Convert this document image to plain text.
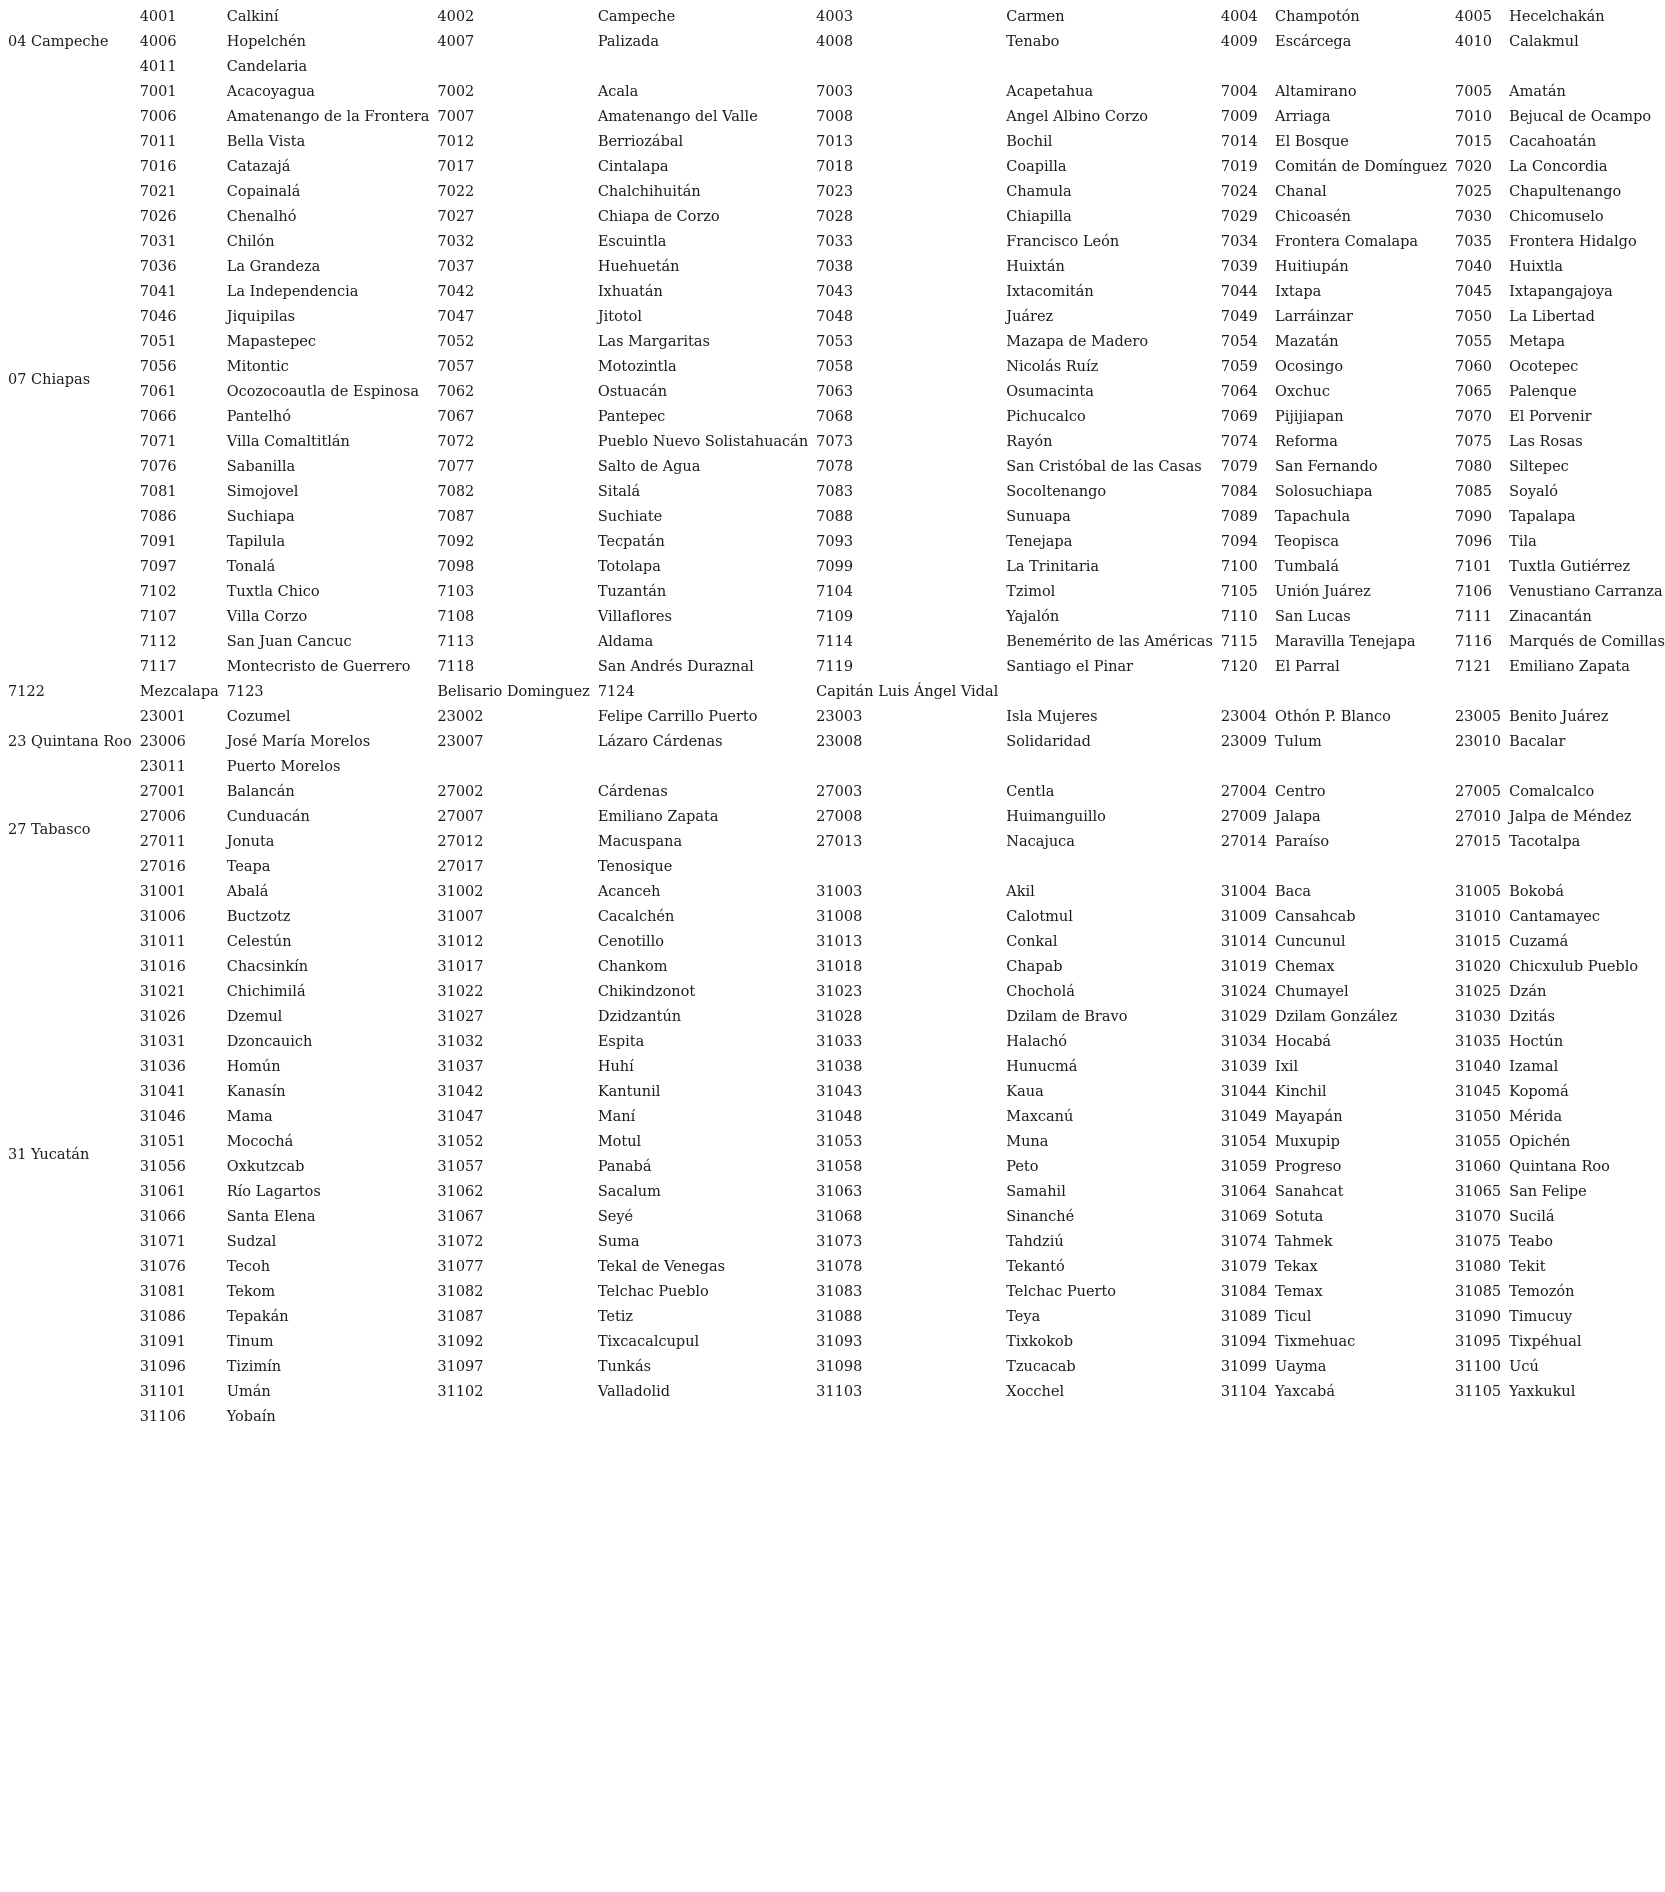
04 Campeche	4001	Calkiní	4002	Campeche	4003	Carmen	4004	Champotón	4005	Hecelchakán
	4006	Hopelchén	4007	Palizada	4008	Tenabo	4009	Escárcega	4010	Calakmul
	4011	Candelaria								
07 Chiapas	7001	Acacoyagua	7002	Acala	7003	Acapetahua	7004	Altamirano	7005	Amatán
	7006	Amatenango de la Frontera	7007	Amatenango del Valle	7008	Angel Albino Corzo	7009	Arriaga	7010	Bejucal de Ocampo
	7011	Bella Vista	7012	Berriozábal	7013	Bochil	7014	El Bosque	7015	Cacahoatán
	7016	Catazajá	7017	Cintalapa	7018	Coapilla	7019	Comitán de Domínguez	7020	La Concordia
	7021	Copainalá	7022	Chalchihuitán	7023	Chamula	7024	Chanal	7025	Chapultenango
	7026	Chenalhó	7027	Chiapa de Corzo	7028	Chiapilla	7029	Chicoasén	7030	Chicomuselo
	7031	Chilón	7032	Escuintla	7033	Francisco León	7034	Frontera Comalapa	7035	Frontera Hidalgo
	7036	La Grandeza	7037	Huehuetán	7038	Huixtán	7039	Huitiupán	7040	Huixtla
	7041	La Independencia	7042	Ixhuatán	7043	Ixtacomitán	7044	Ixtapa	7045	Ixtapangajoya
	7046	Jiquipilas	7047	Jitotol	7048	Juárez	7049	Larráinzar	7050	La Libertad
	7051	Mapastepec	7052	Las Margaritas	7053	Mazapa de Madero	7054	Mazatán	7055	Metapa
	7056	Mitontic	7057	Motozintla	7058	Nicolás Ruíz	7059	Ocosingo	7060	Ocotepec
	7061	Ocozocoautla de Espinosa	7062	Ostuacán	7063	Osumacinta	7064	Oxchuc	7065	Palenque
	7066	Pantelhó	7067	Pantepec	7068	Pichucalco	7069	Pijijiapan	7070	El Porvenir
	7071	Villa Comaltitlán	7072	Pueblo Nuevo Solistahuacán	7073	Rayón	7074	Reforma	7075	Las Rosas
	7076	Sabanilla	7077	Salto de Agua	7078	San Cristóbal de las Casas	7079	San Fernando	7080	Siltepec
	7081	Simojovel	7082	Sitalá	7083	Socoltenango	7084	Solosuchiapa	7085	Soyaló
	7086	Suchiapa	7087	Suchiate	7088	Sunuapa	7089	Tapachula	7090	Tapalapa
	7091	Tapilula	7092	Tecpatán	7093	Tenejapa	7094	Teopisca	7096	Tila
	7097	Tonalá	7098	Totolapa	7099	La Trinitaria	7100	Tumbalá	7101	Tuxtla Gutiérrez
	7102	Tuxtla Chico	7103	Tuzantán	7104	Tzimol	7105	Unión Juárez	7106	Venustiano Carranza
	7107	Villa Corzo	7108	Villaflores	7109	Yajalón	7110	San Lucas	7111	Zinacantán
	7112	San Juan Cancuc	7113	Aldama	7114	Benemérito de las Américas	7115	Maravilla Tenejapa	7116	Marqués de Comillas
	7117	Montecristo de Guerrero	7118	San Andrés Duraznal	7119	Santiago el Pinar	7120	El Parral	7121	Emiliano Zapata
7122	Mezcalapa	7123	Belisario Dominguez	7124	Capitán Luis Ángel Vidal					
23 Quintana Roo	23001	Cozumel	23002	Felipe Carrillo Puerto	23003	Isla Mujeres	23004	Othón P. Blanco	23005	Benito Juárez
	23006	José María Morelos	23007	Lázaro Cárdenas	23008	Solidaridad	23009	Tulum	23010	Bacalar
	23011	Puerto Morelos								
27 Tabasco	27001	Balancán	27002	Cárdenas	27003	Centla	27004	Centro	27005	Comalcalco
	27006	Cunduacán	27007	Emiliano Zapata	27008	Huimanguillo	27009	Jalapa	27010	Jalpa de Méndez
	27011	Jonuta	27012	Macuspana	27013	Nacajuca	27014	Paraíso	27015	Tacotalpa
	27016	Teapa	27017	Tenosique						
31 Yucatán	31001	Abalá	31002	Acanceh	31003	Akil	31004	Baca	31005	Bokobá
	31006	Buctzotz	31007	Cacalchén	31008	Calotmul	31009	Cansahcab	31010	Cantamayec
	31011	Celestún	31012	Cenotillo	31013	Conkal	31014	Cuncunul	31015	Cuzamá
	31016	Chacsinkín	31017	Chankom	31018	Chapab	31019	Chemax	31020	Chicxulub Pueblo
	31021	Chichimilá	31022	Chikindzonot	31023	Chocholá	31024	Chumayel	31025	Dzán
	31026	Dzemul	31027	Dzidzantún	31028	Dzilam de Bravo	31029	Dzilam González	31030	Dzitás
	31031	Dzoncauich	31032	Espita	31033	Halachó	31034	Hocabá	31035	Hoctún
	31036	Homún	31037	Huhí	31038	Hunucmá	31039	Ixil	31040	Izamal
	31041	Kanasín	31042	Kantunil	31043	Kaua	31044	Kinchil	31045	Kopomá
	31046	Mama	31047	Maní	31048	Maxcanú	31049	Mayapán	31050	Mérida
	31051	Mocochá	31052	Motul	31053	Muna	31054	Muxupip	31055	Opichén
	31056	Oxkutzcab	31057	Panabá	31058	Peto	31059	Progreso	31060	Quintana Roo
	31061	Río Lagartos	31062	Sacalum	31063	Samahil	31064	Sanahcat	31065	San Felipe
	31066	Santa Elena	31067	Seyé	31068	Sinanché	31069	Sotuta	31070	Sucilá
	31071	Sudzal	31072	Suma	31073	Tahdziú	31074	Tahmek	31075	Teabo
	31076	Tecoh	31077	Tekal de Venegas	31078	Tekantó	31079	Tekax	31080	Tekit
	31081	Tekom	31082	Telchac Pueblo	31083	Telchac Puerto	31084	Temax	31085	Temozón
	31086	Tepakán	31087	Tetiz	31088	Teya	31089	Ticul	31090	Timucuy
	31091	Tinum	31092	Tixcacalcupul	31093	Tixkokob	31094	Tixmehuac	31095	Tixpéhual
	31096	Tizimín	31097	Tunkás	31098	Tzucacab	31099	Uayma	31100	Ucú
	31101	Umán	31102	Valladolid	31103	Xocchel	31104	Yaxcabá	31105	Yaxkukul
	31106	Yobaín								
